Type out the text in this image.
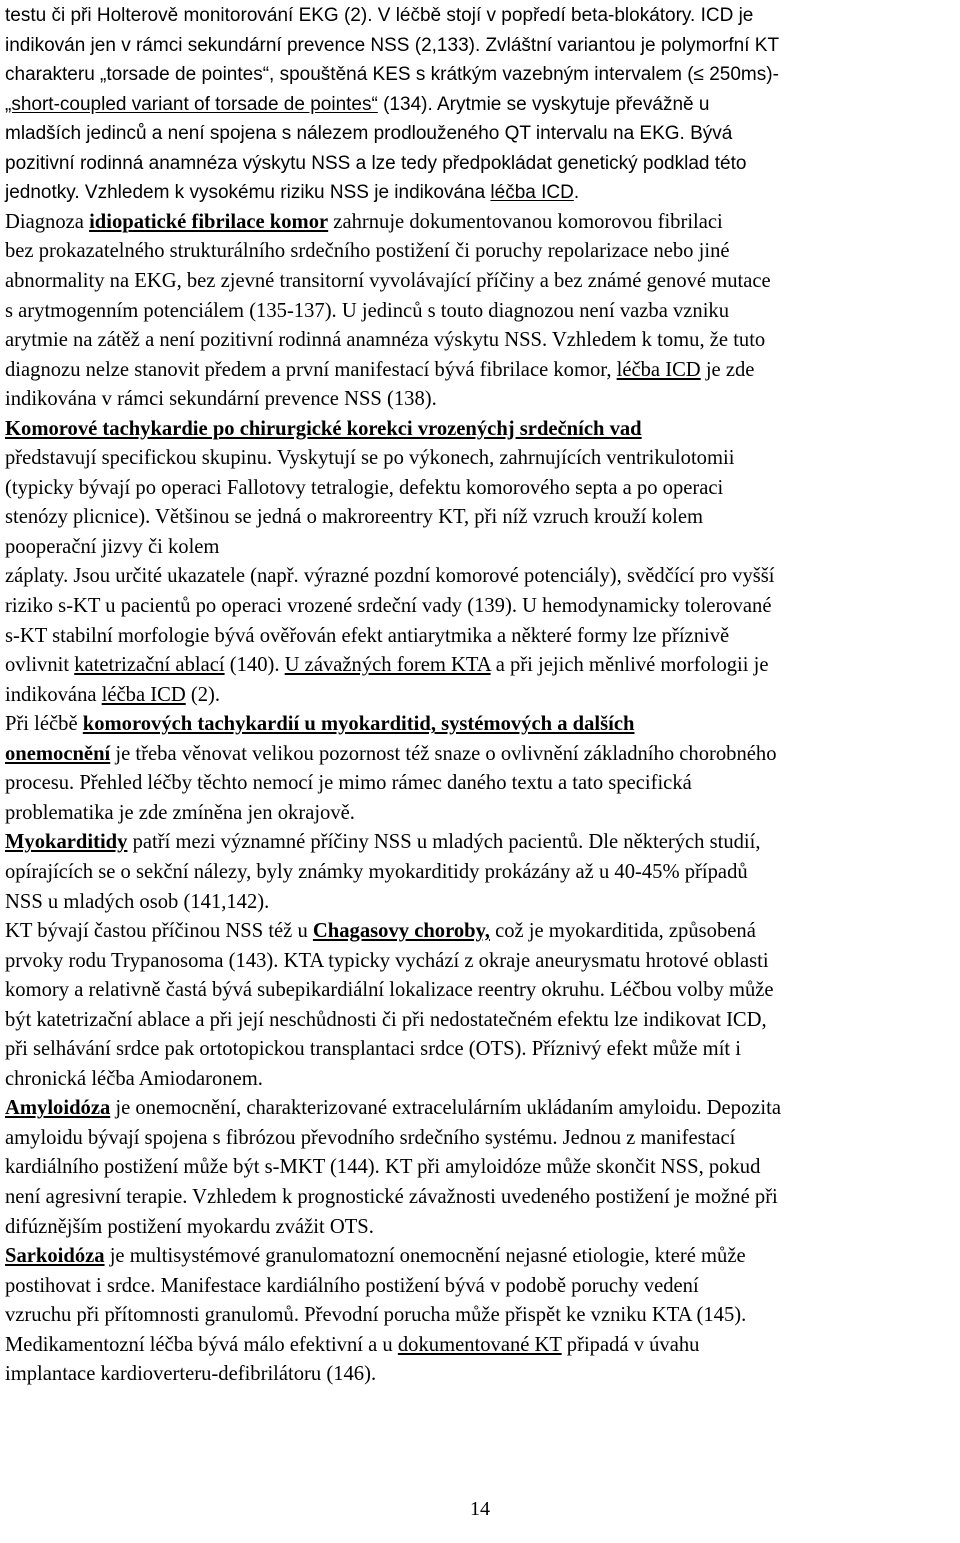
testu či při Holterově monitorování EKG (2). V léčbě stojí v popředí beta-blokátory. ICD je
indikován jen v rámci sekundární prevence NSS (2,133). Zvláštní variantou je polymorfní KT
charakteru „torsade de pointes“, spouštěná KES s krátkým vazebným intervalem (≤ 250ms)-
„short-coupled variant of torsade de pointes“ (134). Arytmie se vyskytuje převážně u
mladších jedinců a není spojena s nálezem prodlouženého QT intervalu na EKG. Bývá
pozitivní rodinná anamnéza výskytu NSS a lze tedy předpokládat genetický podklad této
jednotky. Vzhledem k vysokému riziku NSS je indikována léčba ICD.
Diagnoza idiopatické fibrilace komor zahrnuje dokumentovanou komorovou fibrilaci
bez prokazatelného strukturálního srdečního postižení či poruchy repolarizace nebo jiné
abnormality na EKG, bez zjevné transitorní vyvolávající příčiny a bez známé genové mutace
s arytmogenním potenciálem (135-137). U jedinců s touto diagnozou není vazba vzniku
arytmie na zátěž a není pozitivní rodinná anamnéza výskytu NSS. Vzhledem k tomu, že tuto
diagnozu nelze stanovit předem a první manifestací bývá fibrilace komor, léčba ICD je zde
indikována v rámci sekundární prevence NSS (138).
Komorové tachykardie po chirurgické korekci vrozenýchj srdečních vad
představují specifickou skupinu. Vyskytují se po výkonech, zahrnujících ventrikulotomii
(typicky bývají po operaci Fallotovy tetralogie, defektu komorového septa a po operaci
stenózy plicnice). Většinou se jedná o makroreentry KT, při níž vzruch krouží kolem
pooperační jizvy či kolem
záplaty. Jsou určité ukazatele (např. výrazné pozdní komorové potenciály), svědčící pro vyšší
riziko s-KT u pacientů po operaci vrozené srdeční vady (139). U hemodynamicky tolerované
s-KT stabilní morfologie bývá ověřován efekt antiarytmika a některé formy lze příznivě
ovlivnit katetrizační ablací (140). U závažných forem KTA a při jejich měnlivé morfologii je
indikována léčba ICD (2).
Při léčbě komorových tachykardií u myokarditid, systémových a dalších
onemocnění je třeba věnovat velikou pozornost též snaze o ovlivnění základního chorobného
procesu. Přehled léčby těchto nemocí je mimo rámec daného textu a tato specifická
problematika je zde zmíněna jen okrajově.
Myokarditidy patří mezi významné příčiny NSS u mladých pacientů. Dle některých studií,
opírajících se o sekční nálezy, byly známky myokarditidy prokázány až u 40-45% případů
NSS u mladých osob (141,142).
KT bývají častou příčinou NSS též u Chagasovy choroby, což je myokarditida, způsobená
prvoky rodu Trypanosoma (143). KTA typicky vychází z okraje aneurysmatu hrotové oblasti
komory a relativně častá bývá subepikardiální lokalizace reentry okruhu. Léčbou volby může
být katetrizační ablace a při její neschůdnosti či při nedostatečném efektu lze indikovat ICD,
při selhávání srdce pak ortotopickou transplantaci srdce (OTS). Příznivý efekt může mít i
chronická léčba Amiodaronem.
Amyloidóza je onemocnění, charakterizované extracelulárním ukládaním amyloidu. Depozita
amyloidu bývají spojena s fibrózou převodního srdečního systému. Jednou z manifestací
kardiálního postižení může být s-MKT (144). KT při amyloidóze může skončit NSS, pokud
není agresivní terapie. Vzhledem k prognostické závažnosti uvedeného postižení je možné při
difúznějším postižení myokardu zvážit OTS.
Sarkoidóza je multisystémové granulomatozní onemocnění nejasné etiologie, které může
postihovat i srdce. Manifestace kardiálního postižení bývá v podobě poruchy vedení
vzruchu při přítomnosti granulomů. Převodní porucha může přispět ke vzniku KTA (145).
Medikamentozní léčba bývá málo efektivní a u dokumentované KT připadá v úvahu
implantace kardioverteru-defibrilátoru (146).
14
